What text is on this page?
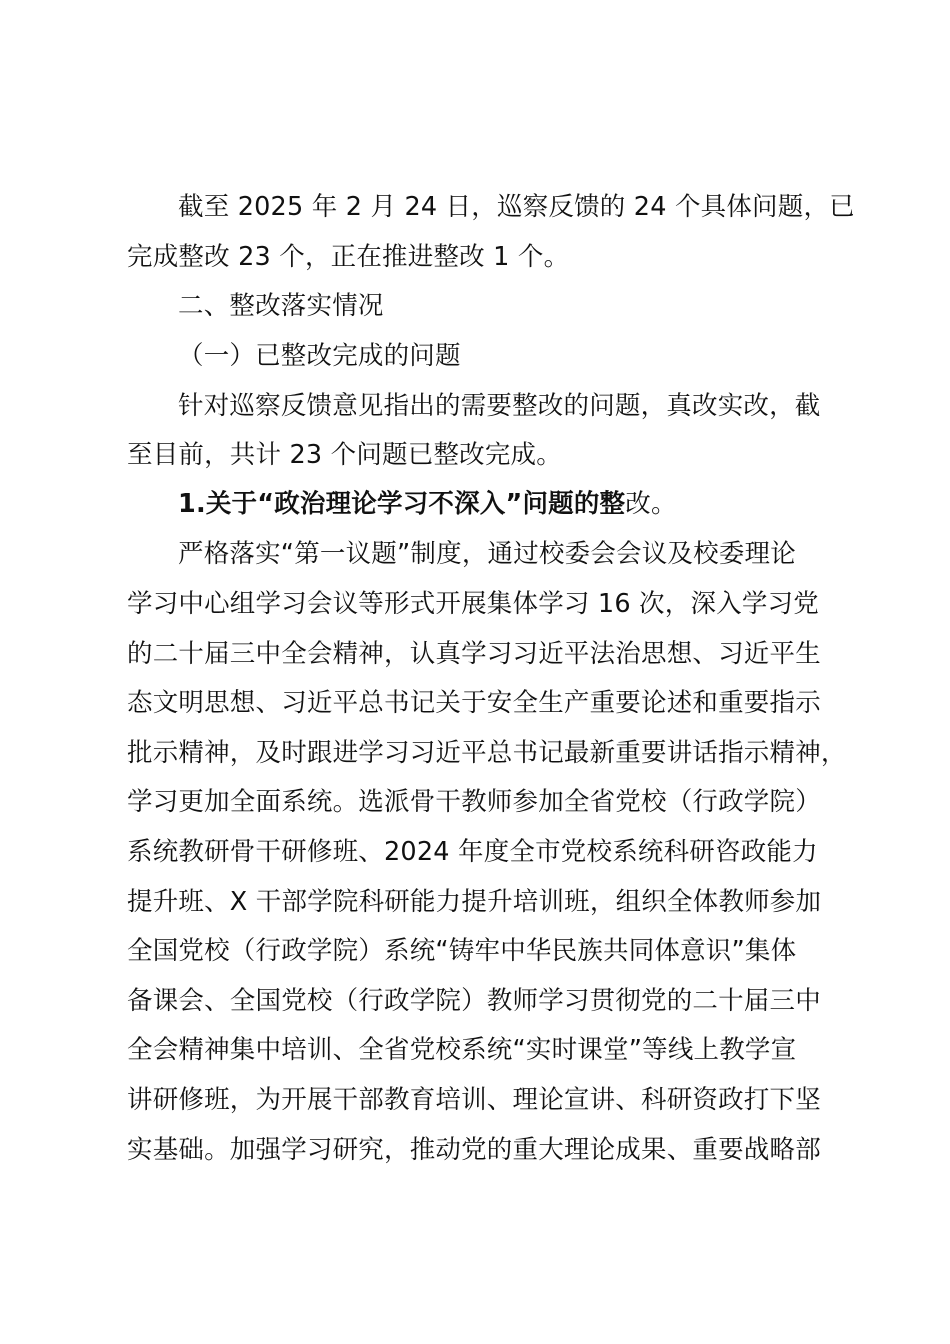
截至 2025 年 2 月 24 日，巡察反馈的 24 个具体问题，已
完成整改 23 个，正在推进整改 1 个。
二、整改落实情况
（一）已整改完成的问题
针对巡察反馈意见指出的需要整改的问题，真改实改，截
至目前，共计 23 个问题已整改完成。
1.关于“政治理论学习不深入”问题的整改。
严格落实“第一议题”制度，通过校委会会议及校委理论
学习中心组学习会议等形式开展集体学习 16 次，深入学习党
的二十届三中全会精神，认真学习习近平法治思想、习近平生
态文明思想、习近平总书记关于安全生产重要论述和重要指示
批示精神，及时跟进学习习近平总书记最新重要讲话指示精神，
学习更加全面系统。选派骨干教师参加全省党校（行政学院）
系统教研骨干研修班、2024 年度全市党校系统科研咨政能力
提升班、X 干部学院科研能力提升培训班，组织全体教师参加
全国党校（行政学院）系统“铸牢中华民族共同体意识”集体
备课会、全国党校（行政学院）教师学习贯彻党的二十届三中
全会精神集中培训、全省党校系统“实时课堂”等线上教学宣
讲研修班，为开展干部教育培训、理论宣讲、科研资政打下坚
实基础。加强学习研究，推动党的重大理论成果、重要战略部
